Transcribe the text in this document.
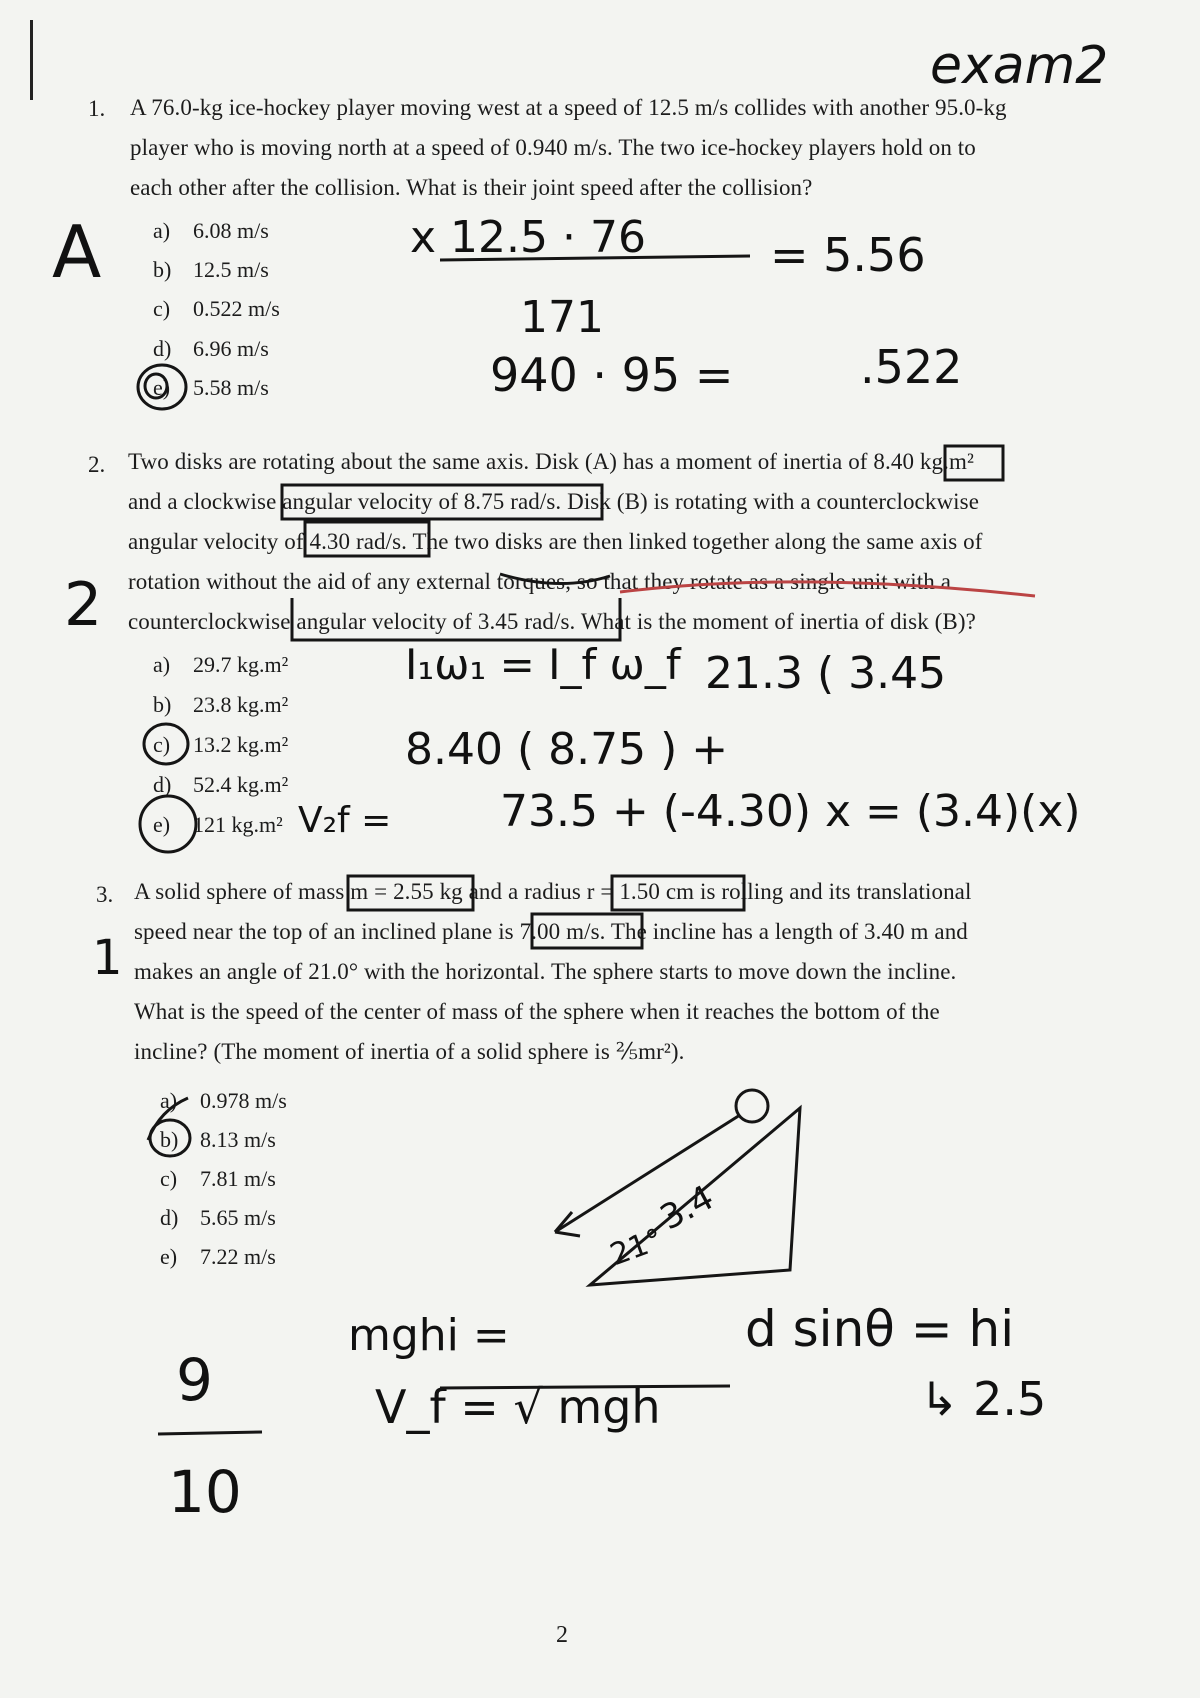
exam2
1. A 76.0-kg ice-hockey player moving west at a speed of 12.5 m/s collides with another 95.0-kg
player who is moving north at a speed of 0.940 m/s. The two ice-hockey players hold on to
each other after the collision. What is their joint speed after the collision?
a) 6.08 m/s
b) 12.5 m/s
c) 0.522 m/s
d) 6.96 m/s
e) 5.58 m/s
A	x 12.5 · 76	= 5.56
171
940 · 95 =	.522
2. Two disks are rotating about the same axis. Disk (A) has a moment of inertia of 8.40 kg.m²
and a clockwise angular velocity of 8.75 rad/s. Disk (B) is rotating with a counterclockwise
angular velocity of 4.30 rad/s. The two disks are then linked together along the same axis of
rotation without the aid of any external torques, so that they rotate as a single unit with a
counterclockwise angular velocity of 3.45 rad/s. What is the moment of inertia of disk (B)?
a) 29.7 kg.m²
b) 23.8 kg.m²
c) 13.2 kg.m²
d) 52.4 kg.m²
e) 121 kg.m²
2
I₁ω₁ = I_f ω_f 21.3 ( 3.45
8.40 ( 8.75 ) +
V₂f = 73.5 + (-4.30) x = (3.4)(x)
3. A solid sphere of mass m = 2.55 kg and a radius r = 1.50 cm is rolling and its translational
speed near the top of an inclined plane is 7.00 m/s. The incline has a length of 3.40 m and
makes an angle of 21.0° with the horizontal. The sphere starts to move down the incline.
What is the speed of the center of mass of the sphere when it reaches the bottom of the
incline? (The moment of inertia of a solid sphere is ⅖mr²).
a) 0.978 m/s
b) 8.13 m/s
c) 7.81 m/s
d) 5.65 m/s
e) 7.22 m/s
1
21°
3.4
mghi =
V_f = √ mgh
d sinθ = hi
↳ 2.5
9
10
2
